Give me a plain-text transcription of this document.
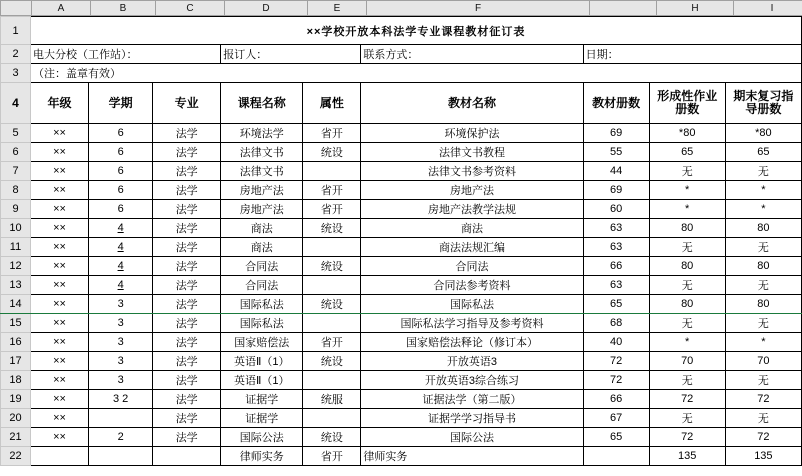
	A	B	C	D	E	F		H	I
1	××学校开放本科法学专业课程教材征订表								
2	电大分校（工作站）：			报订人：		联系方式：	日期：		
3	（注：盖章有效）								
4	年级	学期	专业	课程名称	属性	教材名称	教材册数	形成性作业册数	期末复习指导册数
5	××	6	法学	环境法学	省开	环境保护法	69	*80	*80
6	××	6	法学	法律文书	统设	法律文书教程	55	65	65
7	××	6	法学	法律文书		法律文书参考资料	44	无	无
8	××	6	法学	房地产法	省开	房地产法	69	*	*
9	××	6	法学	房地产法	省开	房地产法教学法规	60	*	*
10	××	4	法学	商法	统设	商法	63	80	80
11	××	4	法学	商法		商法法规汇编	63	无	无
12	××	4	法学	合同法	统设	合同法	66	80	80
13	××	4	法学	合同法		合同法参考资料	63	无	无
14	××	3	法学	国际私法	统设	国际私法	65	80	80
15	××	3	法学	国际私法		国际私法学习指导及参考资料	68	无	无
16	××	3	法学	国家赔偿法	省开	国家赔偿法释论（修订本）	40	*	*
17	××	3	法学	英语Ⅱ（1）	统设	开放英语3	72	70	70
18	××	3	法学	英语Ⅱ（1）		开放英语3综合练习	72	无	无
19	××	3 2	法学	证据学	统服	证据法学（第二版）	66	72	72
20	××		法学	证据学		证据学学习指导书	67	无	无
21	××	2	法学	国际公法	统设	国际公法	65	72	72
22				律师实务	省开	律师实务		135	135
